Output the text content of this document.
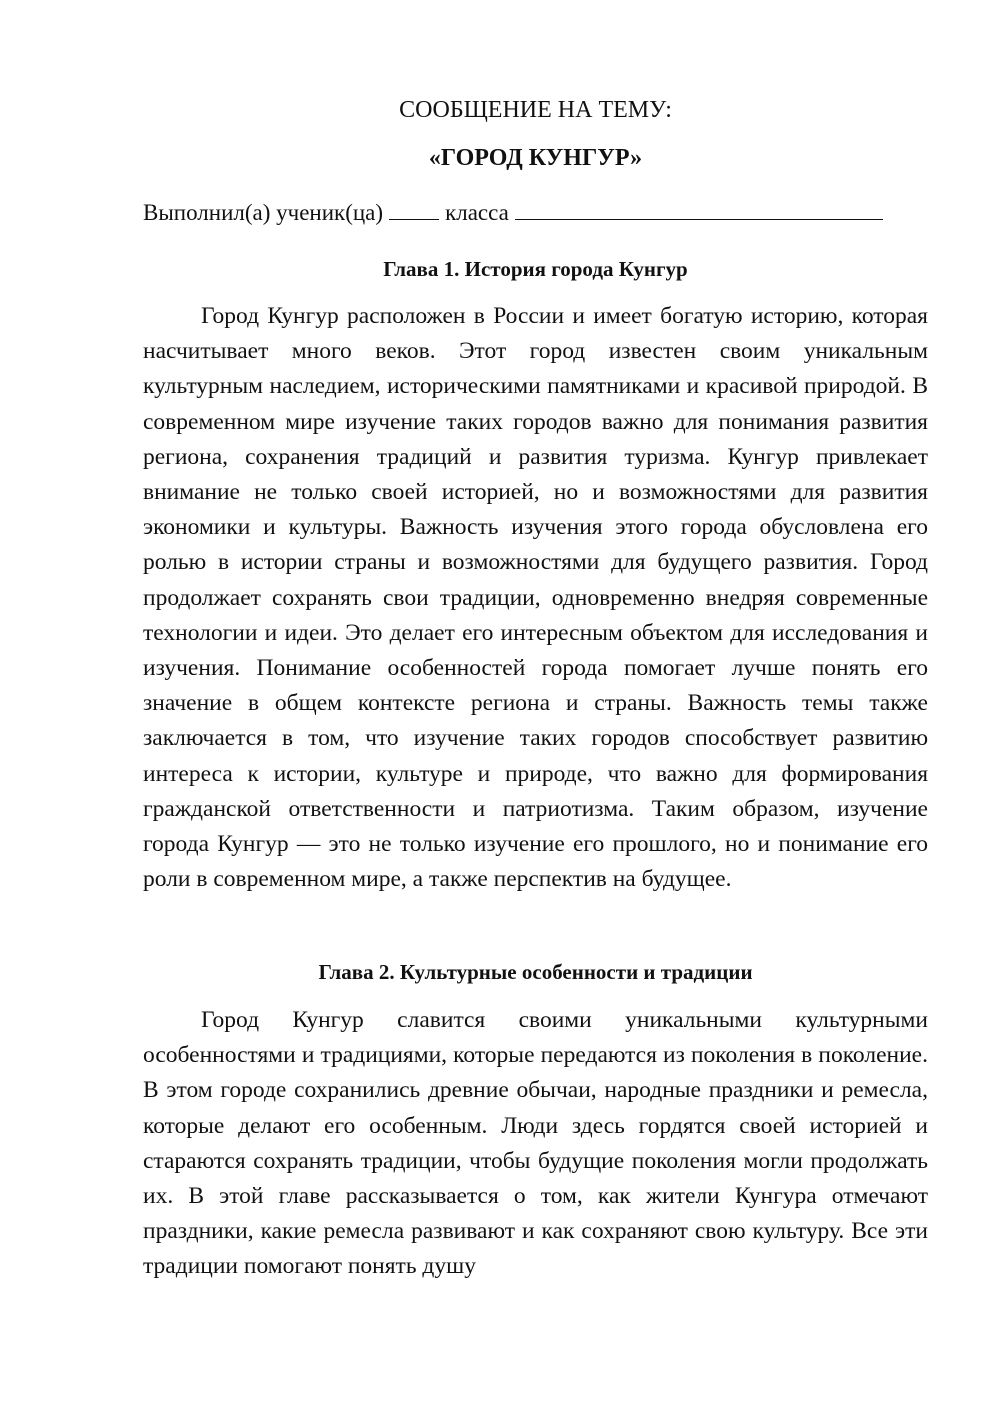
СООБЩЕНИЕ НА ТЕМУ:

«ГОРОД КУНГУР»

Выполнил(а) ученик(ца)	класса
Глава 1. История города Кунгур

Город Кунгур расположен в России и имеет богатую историю, которая насчитывает много веков. Этот город известен своим уникальным культурным наследием, историческими памятниками и красивой природой. В современном мире изучение таких городов важно для понимания развития региона, сохранения традиций и развития туризма. Кунгур привлекает внимание не только своей историей, но и возможностями для развития экономики и культуры. Важность изучения этого города обусловлена его ролью в истории страны и возможностями для будущего развития. Город продолжает сохранять свои традиции, одновременно внедряя современные технологии и идеи. Это делает его интересным объектом для исследования и изучения. Понимание особенностей города помогает лучше понять его значение в общем контексте региона и страны. Важность темы также заключается в том, что изучение таких городов способствует развитию интереса к истории, культуре и природе, что важно для формирования гражданской ответственности и патриотизма. Таким образом, изучение города Кунгур — это не только изучение его прошлого, но и понимание его роли в современном мире, а также перспектив на будущее.

Глава 2. Культурные особенности и традиции

Город Кунгур славится своими уникальными культурными особенностями и традициями, которые передаются из поколения в поколение. В этом городе сохранились древние обычаи, народные праздники и ремесла, которые делают его особенным. Люди здесь гордятся своей историей и стараются сохранять традиции, чтобы будущие поколения могли продолжать их. В этой главе рассказывается о том, как жители Кунгура отмечают праздники, какие ремесла развивают и как сохраняют свою культуру. Все эти традиции помогают понять душу
